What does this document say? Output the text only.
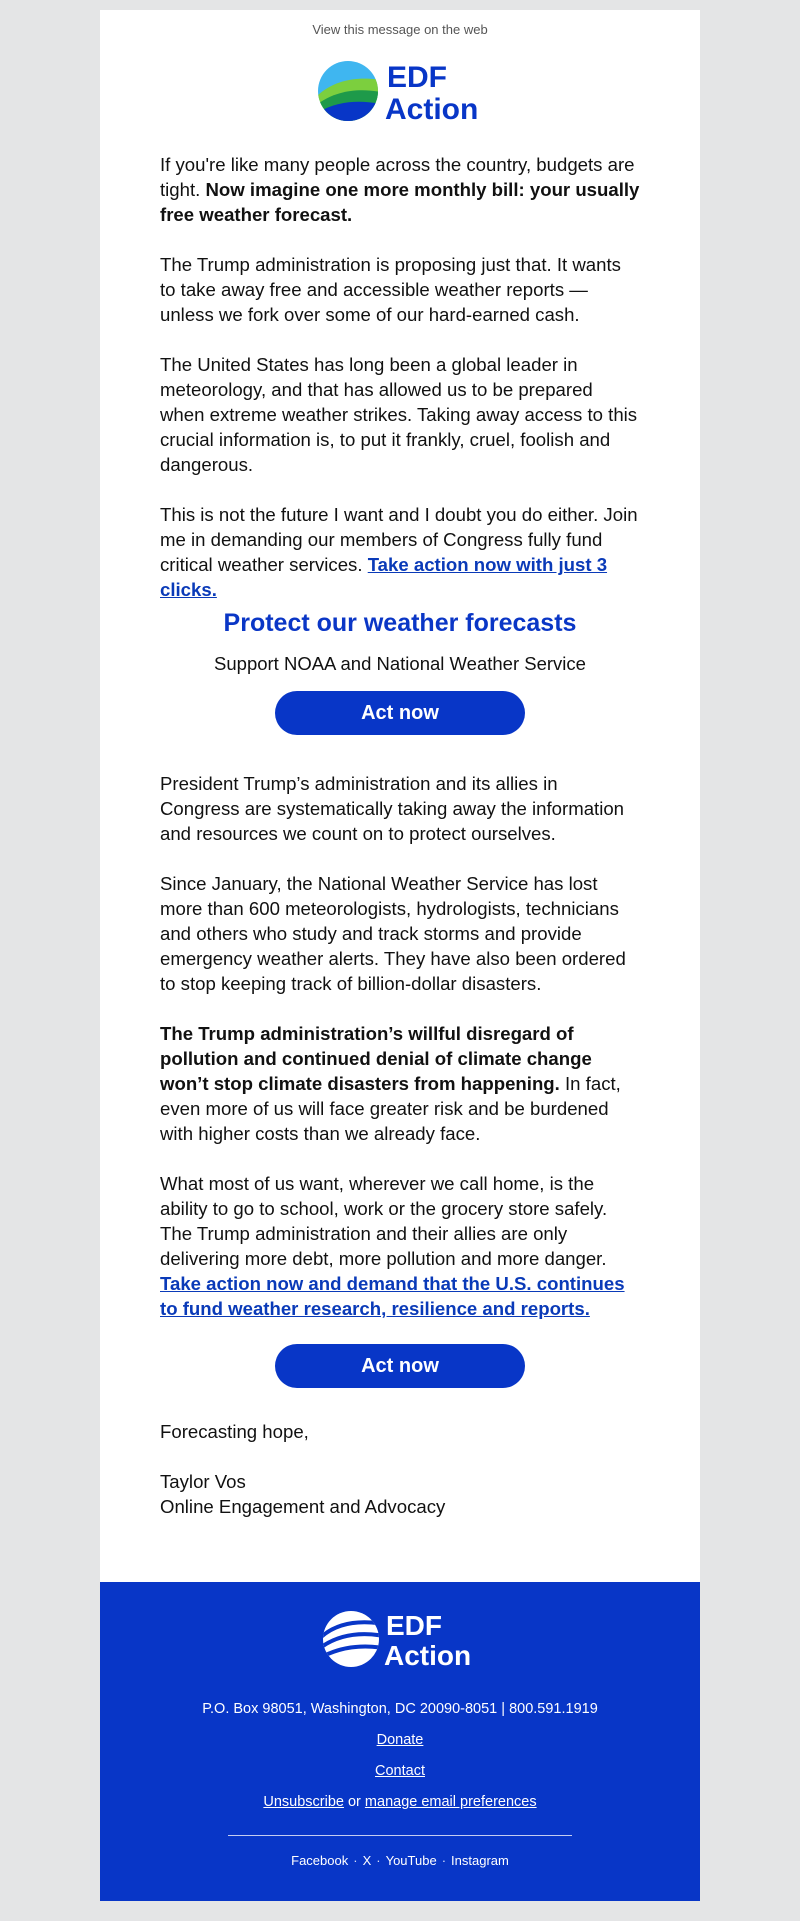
View this message on the web
EDF
Action

If you're like many people across the country, budgets are tight. Now imagine one more monthly bill: your usually free weather forecast.

The Trump administration is proposing just that. It wants to take away free and accessible weather reports — unless we fork over some of our hard-earned cash.

The United States has long been a global leader in meteorology, and that has allowed us to be prepared when extreme weather strikes. Taking away access to this crucial information is, to put it frankly, cruel, foolish and dangerous.

This is not the future I want and I doubt you do either. Join me in demanding our members of Congress fully fund critical weather services. Take action now with just 3 clicks.

Protect our weather forecasts
Support NOAA and National Weather Service
Act now

President Trump’s administration and its allies in Congress are systematically taking away the information and resources we count on to protect ourselves.

Since January, the National Weather Service has lost more than 600 meteorologists, hydrologists, technicians and others who study and track storms and provide emergency weather alerts. They have also been ordered to stop keeping track of billion-dollar disasters.

The Trump administration’s willful disregard of pollution and continued denial of climate change won’t stop climate disasters from happening. In fact, even more of us will face greater risk and be burdened with higher costs than we already face.

What most of us want, wherever we call home, is the ability to go to school, work or the grocery store safely. The Trump administration and their allies are only delivering more debt, more pollution and more danger. Take action now and demand that the U.S. continues to fund weather research, resilience and reports.

Act now

Forecasting hope,

Taylor Vos

Online Engagement and Advocacy

EDF
Action
P.O. Box 98051, Washington, DC 20090-8051 | 800.591.1919
Donate
Contact
Unsubscribe or manage email preferences
Facebook · X · YouTube · Instagram
